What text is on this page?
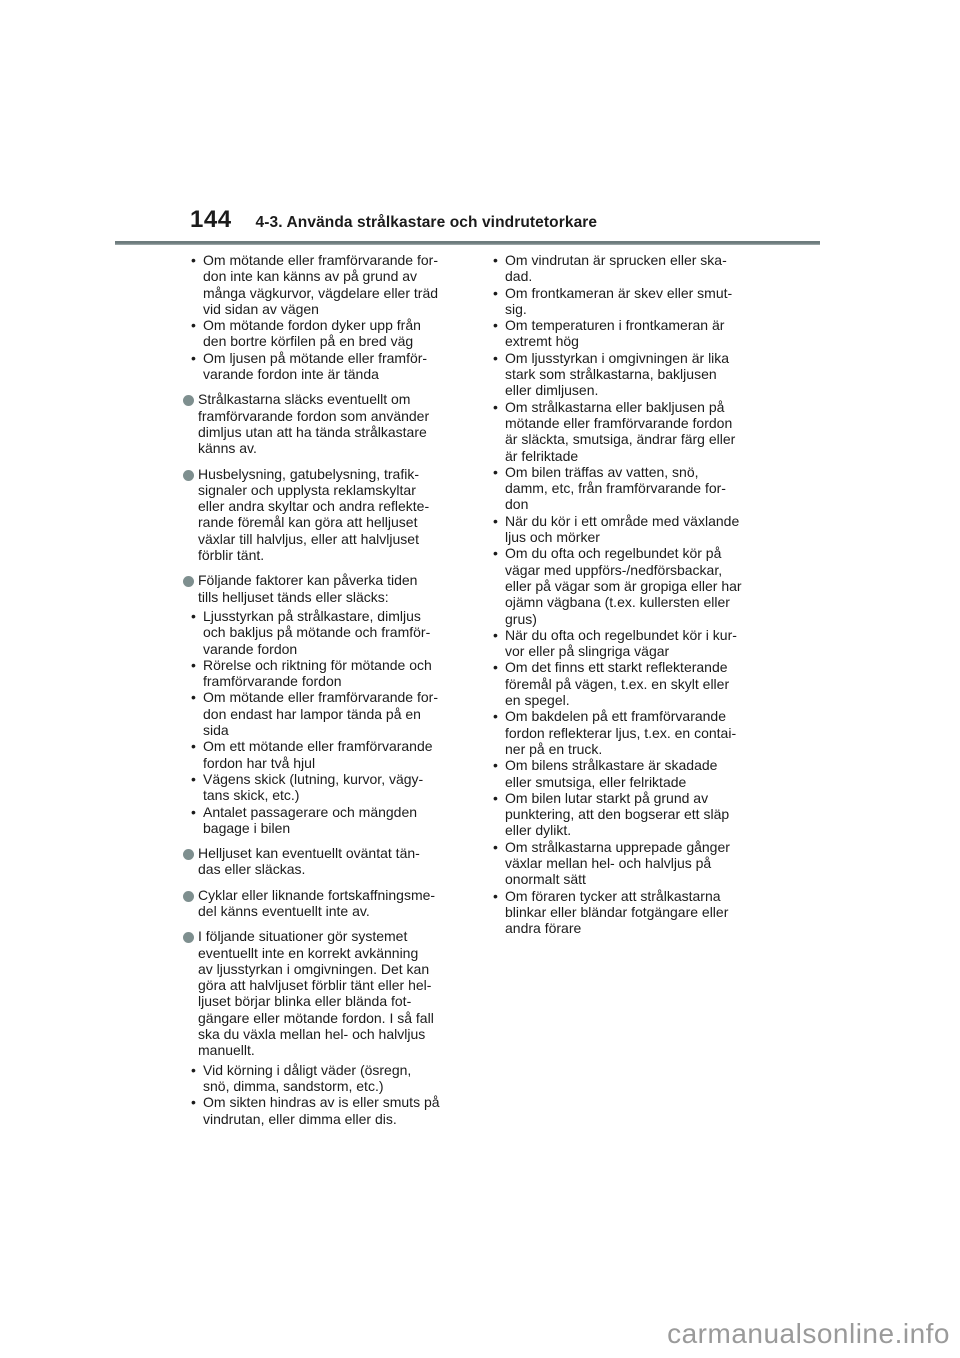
144 4-3. Använda strålkastare och vindrutetorkare
• Om mötande eller framförvarande for-
don inte kan känns av på grund av
många vägkurvor, vägdelare eller träd
vid sidan av vägen
• Om mötande fordon dyker upp från
den bortre körfilen på en bred väg
• Om ljusen på mötande eller framför-
varande fordon inte är tända
Strålkastarna släcks eventuellt om
framförvarande fordon som använder
dimljus utan att ha tända strålkastare
känns av.
Husbelysning, gatubelysning, trafik-
signaler och upplysta reklamskyltar
eller andra skyltar och andra reflekte-
rande föremål kan göra att helljuset
växlar till halvljus, eller att halvljuset
förblir tänt.
Följande faktorer kan påverka tiden
tills helljuset tänds eller släcks:
• Ljusstyrkan på strålkastare, dimljus
och bakljus på mötande och framför-
varande fordon
• Rörelse och riktning för mötande och
framförvarande fordon
• Om mötande eller framförvarande for-
don endast har lampor tända på en
sida
• Om ett mötande eller framförvarande
fordon har två hjul
• Vägens skick (lutning, kurvor, vägy-
tans skick, etc.)
• Antalet passagerare och mängden
bagage i bilen
Helljuset kan eventuellt oväntat tän-
das eller släckas.
Cyklar eller liknande fortskaffningsme-
del känns eventuellt inte av.
I följande situationer gör systemet
eventuellt inte en korrekt avkänning
av ljusstyrkan i omgivningen. Det kan
göra att halvljuset förblir tänt eller hel-
ljuset börjar blinka eller blända fot-
gängare eller mötande fordon. I så fall
ska du växla mellan hel- och halvljus
manuellt.
• Vid körning i dåligt väder (ösregn,
snö, dimma, sandstorm, etc.)
• Om sikten hindras av is eller smuts på
vindrutan, eller dimma eller dis.
• Om vindrutan är sprucken eller ska-
dad.
• Om frontkameran är skev eller smut-
sig.
• Om temperaturen i frontkameran är
extremt hög
• Om ljusstyrkan i omgivningen är lika
stark som strålkastarna, bakljusen
eller dimljusen.
• Om strålkastarna eller bakljusen på
mötande eller framförvarande fordon
är släckta, smutsiga, ändrar färg eller
är felriktade
• Om bilen träffas av vatten, snö,
damm, etc, från framförvarande for-
don
• När du kör i ett område med växlande
ljus och mörker
• Om du ofta och regelbundet kör på
vägar med uppförs-/nedförsbackar,
eller på vägar som är gropiga eller har
ojämn vägbana (t.ex. kullersten eller
grus)
• När du ofta och regelbundet kör i kur-
vor eller på slingriga vägar
• Om det finns ett starkt reflekterande
föremål på vägen, t.ex. en skylt eller
en spegel.
• Om bakdelen på ett framförvarande
fordon reflekterar ljus, t.ex. en contai-
ner på en truck.
• Om bilens strålkastare är skadade
eller smutsiga, eller felriktade
• Om bilen lutar starkt på grund av
punktering, att den bogserar ett släp
eller dylikt.
• Om strålkastarna upprepade gånger
växlar mellan hel- och halvljus på
onormalt sätt
• Om föraren tycker att strålkastarna
blinkar eller bländar fotgängare eller
andra förare
carmanualsonline.info
